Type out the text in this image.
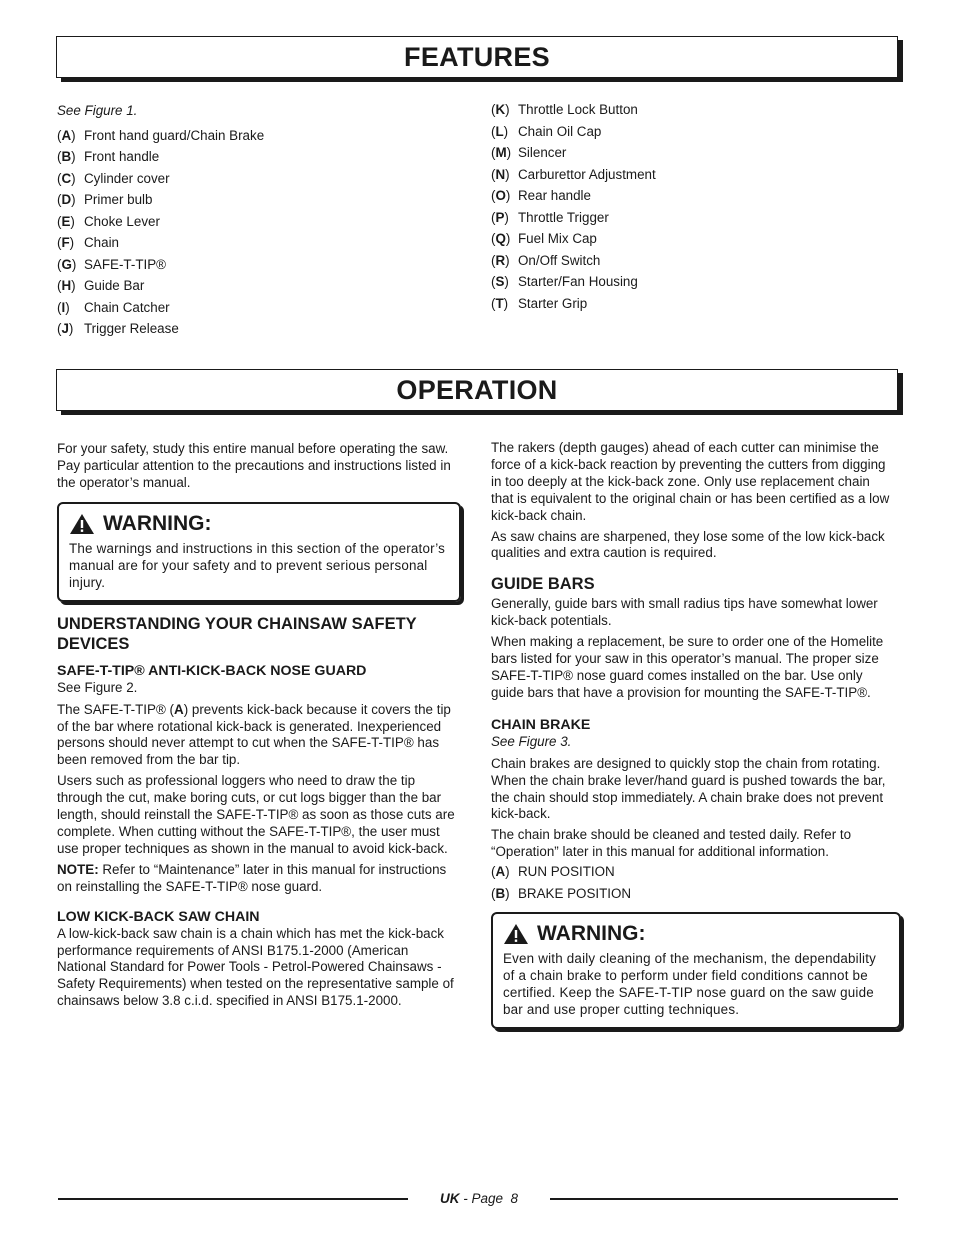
FEATURES

See Figure 1.

(A) Front hand guard/Chain Brake
(B) Front handle
(C) Cylinder cover
(D) Primer bulb
(E) Choke Lever
(F) Chain
(G) SAFE-T-TIP®
(H) Guide Bar
(I) Chain Catcher
(J) Trigger Release
(K) Throttle Lock Button
(L) Chain Oil Cap
(M) Silencer
(N) Carburettor Adjustment
(O) Rear handle
(P) Throttle Trigger
(Q) Fuel Mix Cap
(R) On/Off Switch
(S) Starter/Fan Housing
(T) Starter Grip
OPERATION

For your safety, study this entire manual before operating the saw. Pay particular attention to the precautions and instructions listed in the operator’s manual.

WARNING:

The warnings and instructions in this section of the operator’s manual are for your safety and to prevent serious personal injury.

UNDERSTANDING YOUR CHAINSAW SAFETY DEVICES
SAFE-T-TIP® ANTI-KICK-BACK NOSE GUARD

See Figure 2.

The SAFE-T-TIP® (A) prevents kick-back because it covers the tip of the bar where rotational kick-back is generated. Inexperienced persons should never attempt to cut when the SAFE-T-TIP® has been removed from the bar tip.

Users such as professional loggers who need to draw the tip through the cut, make boring cuts, or cut logs bigger than the bar length, should reinstall the SAFE-T-TIP® as soon as those cuts are complete. When cutting without the SAFE-T-TIP®, the user must use proper techniques as shown in the manual to avoid kick-back.

NOTE: Refer to “Maintenance” later in this manual for instructions on reinstalling the SAFE-T-TIP® nose guard.

LOW KICK-BACK SAW CHAIN

A low-kick-back saw chain is a chain which has met the kick-back performance requirements of ANSI B175.1-2000 (American National Standard for Power Tools - Petrol-Powered Chainsaws - Safety Requirements) when tested on the representative sample of chainsaws below 3.8 c.i.d. specified in ANSI B175.1-2000.

The rakers (depth gauges) ahead of each cutter can minimise the force of a kick-back reaction by preventing the cutters from digging in too deeply at the kick-back zone. Only use replacement chain that is equivalent to the original chain or has been certified as a low kick-back chain.

As saw chains are sharpened, they lose some of the low kick-back qualities and extra caution is required.

GUIDE BARS

Generally, guide bars with small radius tips have somewhat lower kick-back potentials.

When making a replacement, be sure to order one of the Homelite bars listed for your saw in this operator’s manual. The proper size SAFE-T-TIP® nose guard comes installed on the bar. Use only guide bars that have a provision for mounting the SAFE-T-TIP®.

CHAIN BRAKE

See Figure 3.

Chain brakes are designed to quickly stop the chain from rotating. When the chain brake lever/hand guard is pushed towards the bar, the chain should stop immediately. A chain brake does not prevent kick-back.

The chain brake should be cleaned and tested daily. Refer to “Operation” later in this manual for additional information.

(A) RUN POSITION
(B) BRAKE POSITION
WARNING:

Even with daily cleaning of the mechanism, the dependability of a chain brake to perform under field conditions cannot be certified. Keep the SAFE-T-TIP nose guard on the saw guide bar and use proper cutting techniques.

UK - Page 8
